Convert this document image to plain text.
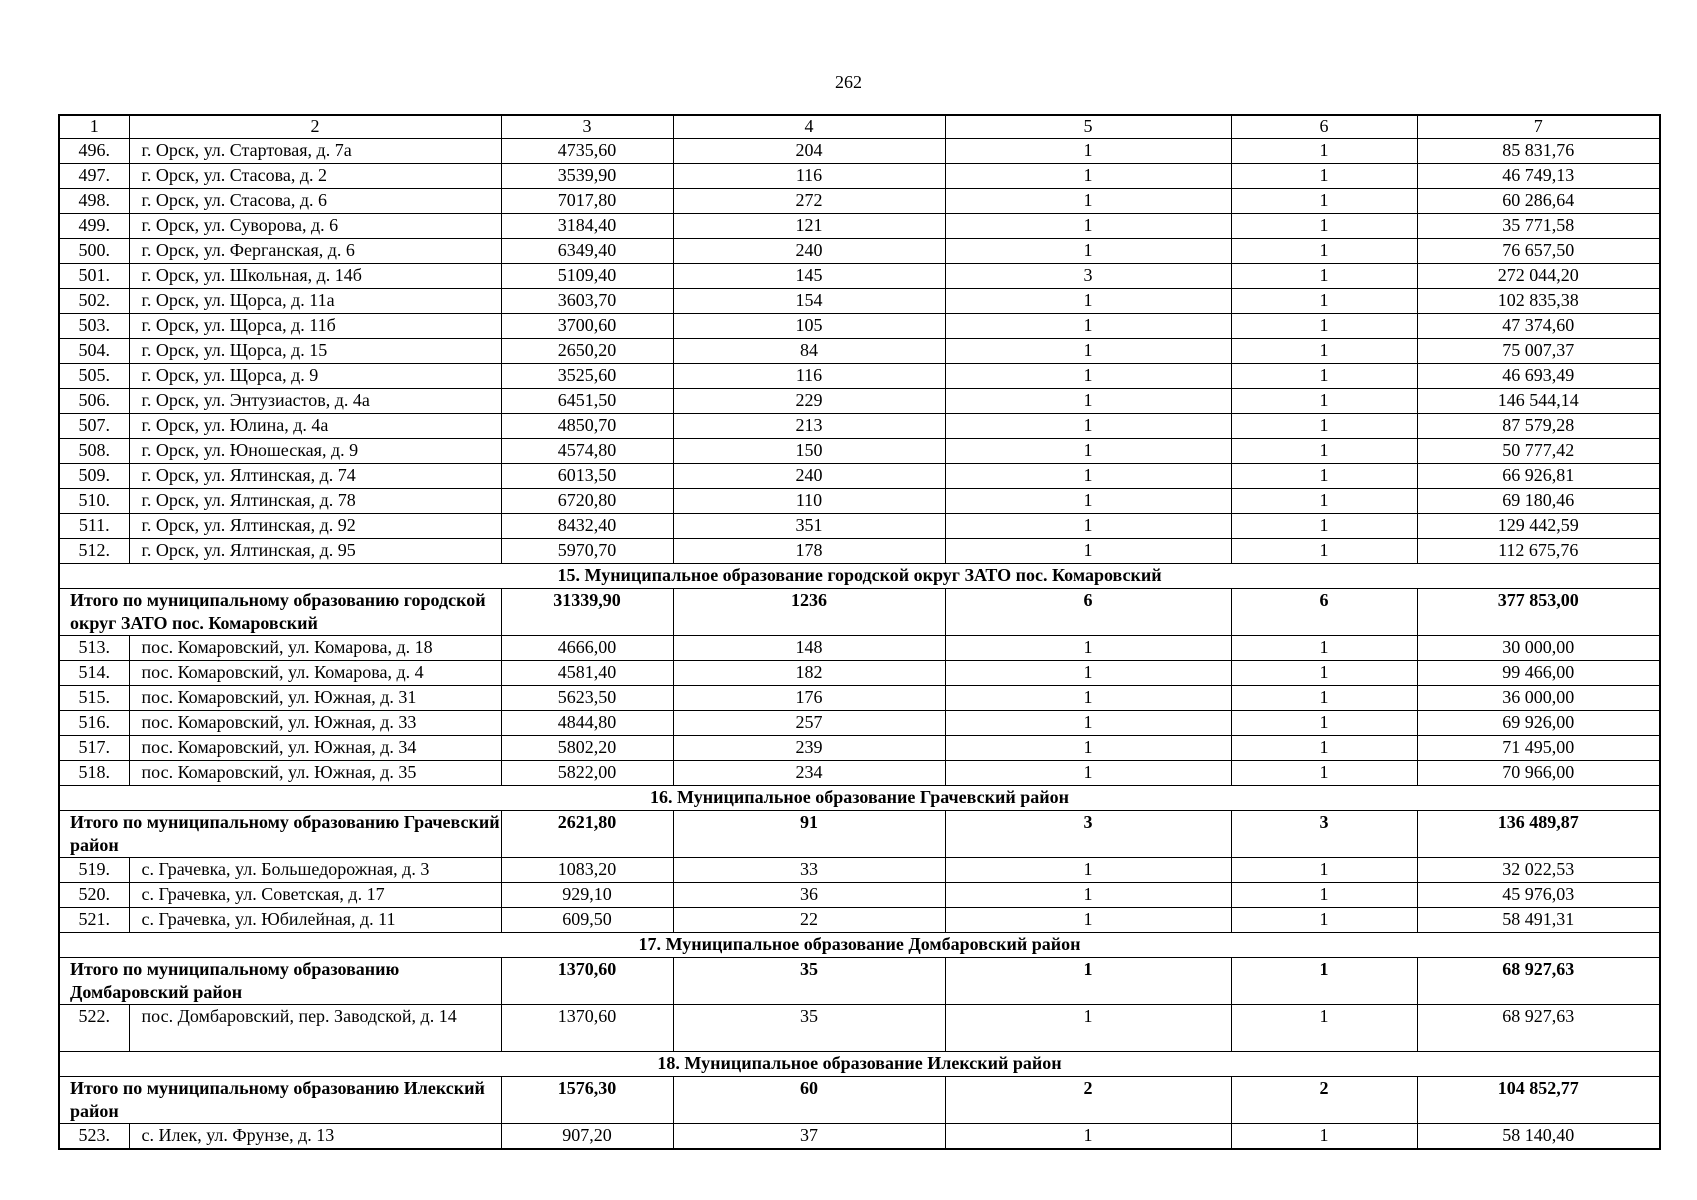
262
1	2	3	4	5	6	7
496.	г. Орск, ул. Стартовая, д. 7а	4735,60	204	1	1	85 831,76
497.	г. Орск, ул. Стасова, д. 2	3539,90	116	1	1	46 749,13
498.	г. Орск, ул. Стасова, д. 6	7017,80	272	1	1	60 286,64
499.	г. Орск, ул. Суворова, д. 6	3184,40	121	1	1	35 771,58
500.	г. Орск, ул. Ферганская, д. 6	6349,40	240	1	1	76 657,50
501.	г. Орск, ул. Школьная, д. 14б	5109,40	145	3	1	272 044,20
502.	г. Орск, ул. Щорса, д. 11а	3603,70	154	1	1	102 835,38
503.	г. Орск, ул. Щорса, д. 11б	3700,60	105	1	1	47 374,60
504.	г. Орск, ул. Щорса, д. 15	2650,20	84	1	1	75 007,37
505.	г. Орск, ул. Щорса, д. 9	3525,60	116	1	1	46 693,49
506.	г. Орск, ул. Энтузиастов, д. 4а	6451,50	229	1	1	146 544,14
507.	г. Орск, ул. Юлина, д. 4а	4850,70	213	1	1	87 579,28
508.	г. Орск, ул. Юношеская, д. 9	4574,80	150	1	1	50 777,42
509.	г. Орск, ул. Ялтинская, д. 74	6013,50	240	1	1	66 926,81
510.	г. Орск, ул. Ялтинская, д. 78	6720,80	110	1	1	69 180,46
511.	г. Орск, ул. Ялтинская, д. 92	8432,40	351	1	1	129 442,59
512.	г. Орск, ул. Ялтинская, д. 95	5970,70	178	1	1	112 675,76
15. Муниципальное образование городской округ ЗАТО пос. Комаровский						
Итого по муниципальному образованию городской округ ЗАТО пос. Комаровский		31339,90	1236	6	6	377 853,00
513.	пос. Комаровский, ул. Комарова, д. 18	4666,00	148	1	1	30 000,00
514.	пос. Комаровский, ул. Комарова, д. 4	4581,40	182	1	1	99 466,00
515.	пос. Комаровский, ул. Южная, д. 31	5623,50	176	1	1	36 000,00
516.	пос. Комаровский, ул. Южная, д. 33	4844,80	257	1	1	69 926,00
517.	пос. Комаровский, ул. Южная, д. 34	5802,20	239	1	1	71 495,00
518.	пос. Комаровский, ул. Южная, д. 35	5822,00	234	1	1	70 966,00
16. Муниципальное образование Грачевский район						
Итого по муниципальному образованию Грачевский район		2621,80	91	3	3	136 489,87
519.	с. Грачевка, ул. Большедорожная, д. 3	1083,20	33	1	1	32 022,53
520.	с. Грачевка, ул. Советская, д. 17	929,10	36	1	1	45 976,03
521.	с. Грачевка, ул. Юбилейная, д. 11	609,50	22	1	1	58 491,31
17. Муниципальное образование Домбаровский район						
Итого по муниципальному образованию Домбаровский район		1370,60	35	1	1	68 927,63
522.	пос. Домбаровский, пер. Заводской, д. 14	1370,60	35	1	1	68 927,63
18. Муниципальное образование Илекский район						
Итого по муниципальному образованию Илекский район		1576,30	60	2	2	104 852,77
523.	с. Илек, ул. Фрунзе, д. 13	907,20	37	1	1	58 140,40
